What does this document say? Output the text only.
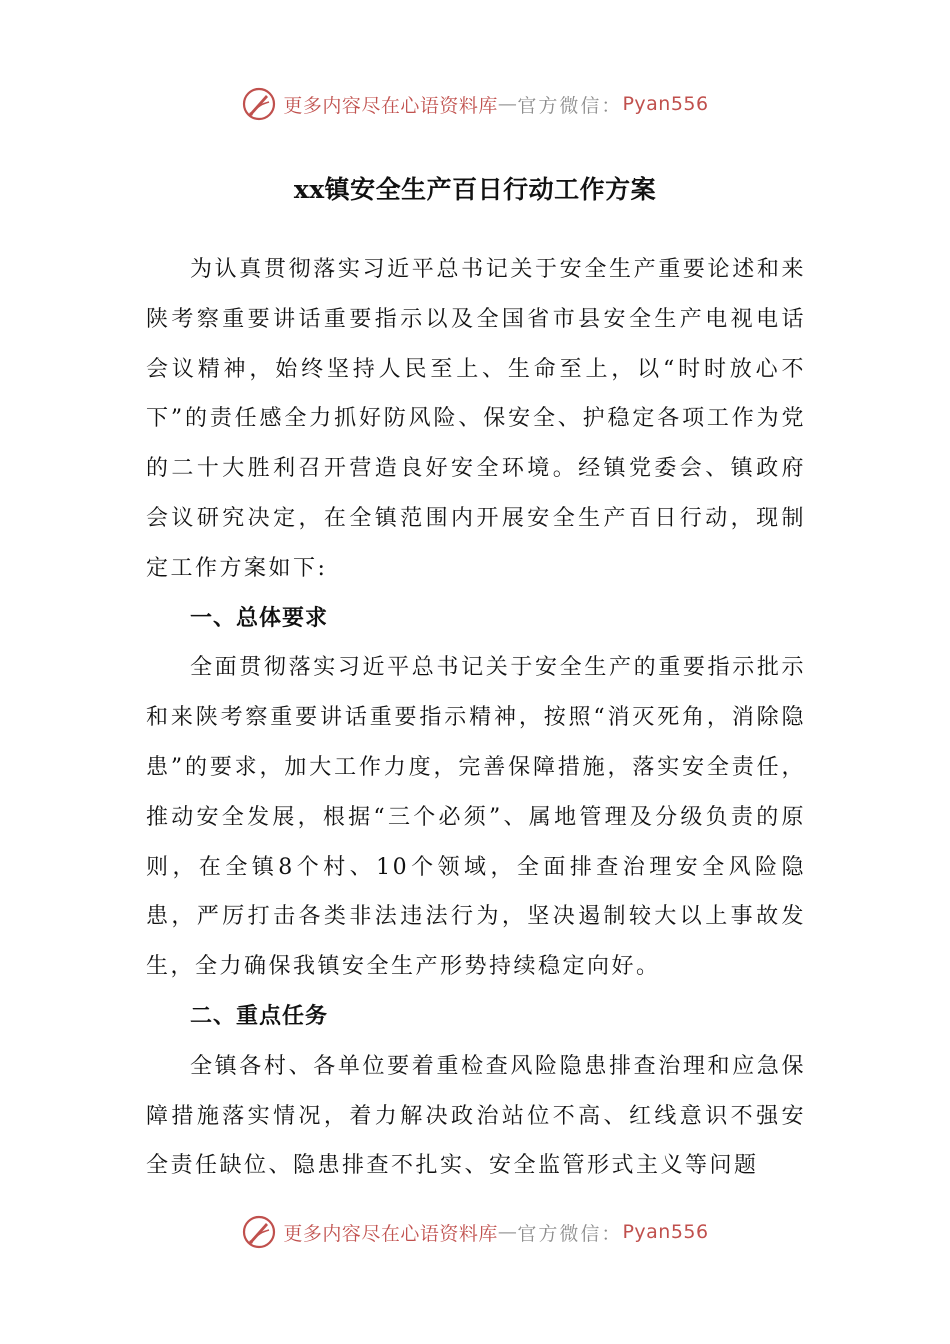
更多内容尽在心语资料库 — 官方微信： Pyan556
xx镇安全生产百日行动工作方案

为认真贯彻落实习近平总书记关于安全生产重要论述和来陕考察重要讲话重要指示以及全国省市县安全生产电视电话会议精神，始终坚持人民至上、生命至上，以“时时放心不下”的责任感全力抓好防风险、保安全、护稳定各项工作为党的二十大胜利召开营造良好安全环境。经镇党委会、镇政府会议研究决定，在全镇范围内开展安全生产百日行动，现制定工作方案如下:

一、总体要求

全面贯彻落实习近平总书记关于安全生产的重要指示批示和来陕考察重要讲话重要指示精神，按照“消灭死角，消除隐患”的要求，加大工作力度，完善保障措施，落实安全责任，推动安全发展，根据“三个必须”、属地管理及分级负责的原则，在全镇8个村、10个领域，全面排查治理安全风险隐患，严厉打击各类非法违法行为，坚决遏制较大以上事故发生，全力确保我镇安全生产形势持续稳定向好。

二、重点任务

全镇各村、各单位要着重检查风险隐患排查治理和应急保障措施落实情况，着力解决政治站位不高、红线意识不强安全责任缺位、隐患排查不扎实、安全监管形式主义等问题

更多内容尽在心语资料库 — 官方微信： Pyan556
